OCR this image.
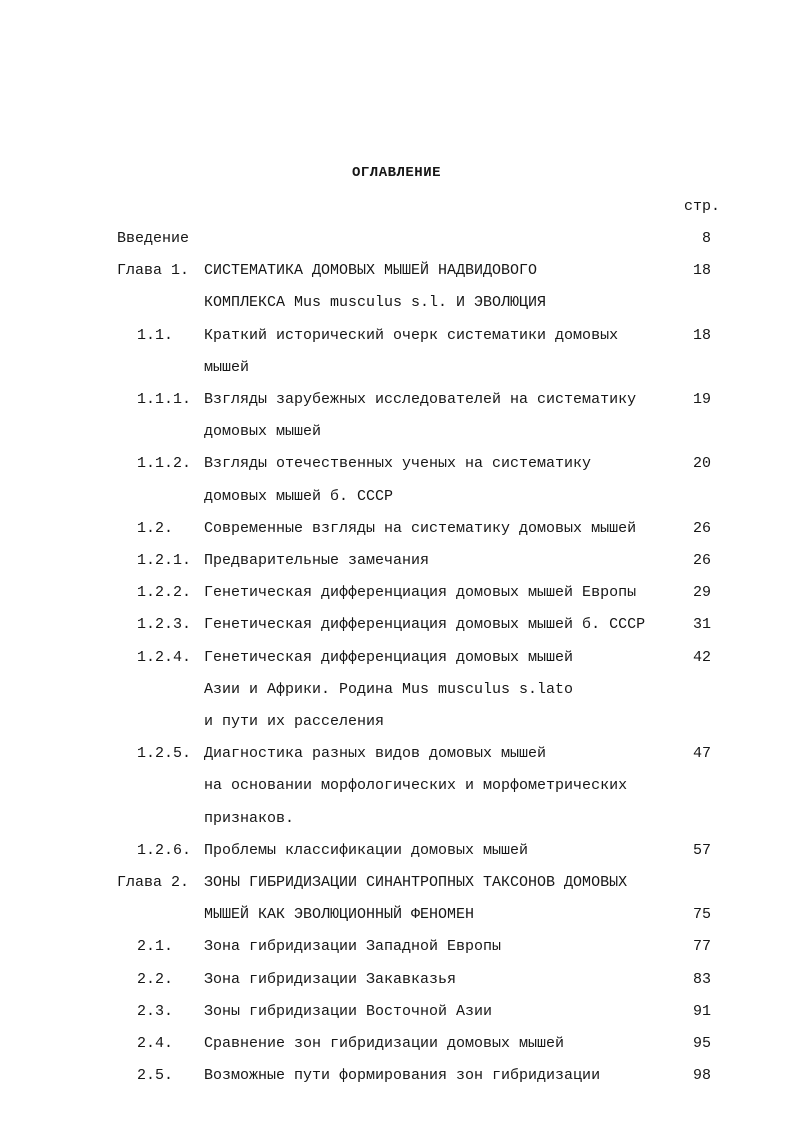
ОГЛАВЛЕНИЕ
стр.
Введение	8
Глава 1. СИСТЕМАТИКА ДОМОВЫХ МЫШЕЙ НАДВИДОВОГО	18
КОМПЛЕКСА Mus musculus s.l. И ЭВОЛЮЦИЯ
1.1. Краткий исторический очерк систематики домовых	18
мышей
1.1.1. Взгляды зарубежных исследователей на систематику	19
домовых мышей
1.1.2. Взгляды отечественных ученых на систематику	20
домовых мышей б. СССР
1.2. Современные взгляды на систематику домовых мышей	26
1.2.1. Предварительные замечания	26
1.2.2. Генетическая дифференциация домовых мышей Европы	29
1.2.3. Генетическая дифференциация домовых мышей б. СССР	31
1.2.4. Генетическая дифференциация домовых мышей	42
Азии и Африки. Родина Mus musculus s.lato
и пути их расселения
1.2.5. Диагностика разных видов домовых мышей	47
на основании морфологических и морфометрических
признаков.
1.2.6. Проблемы классификации домовых мышей	57
Глава 2. ЗОНЫ ГИБРИДИЗАЦИИ СИНАНТРОПНЫХ ТАКСОНОВ ДОМОВЫХ
МЫШЕЙ КАК ЭВОЛЮЦИОННЫЙ ФЕНОМЕН	75
2.1. Зона гибридизации Западной Европы	77
2.2. Зона гибридизации Закавказья	83
2.3. Зоны гибридизации Восточной Азии	91
2.4. Сравнение зон гибридизации домовых мышей	95
2.5. Возможные пути формирования зон гибридизации	98
